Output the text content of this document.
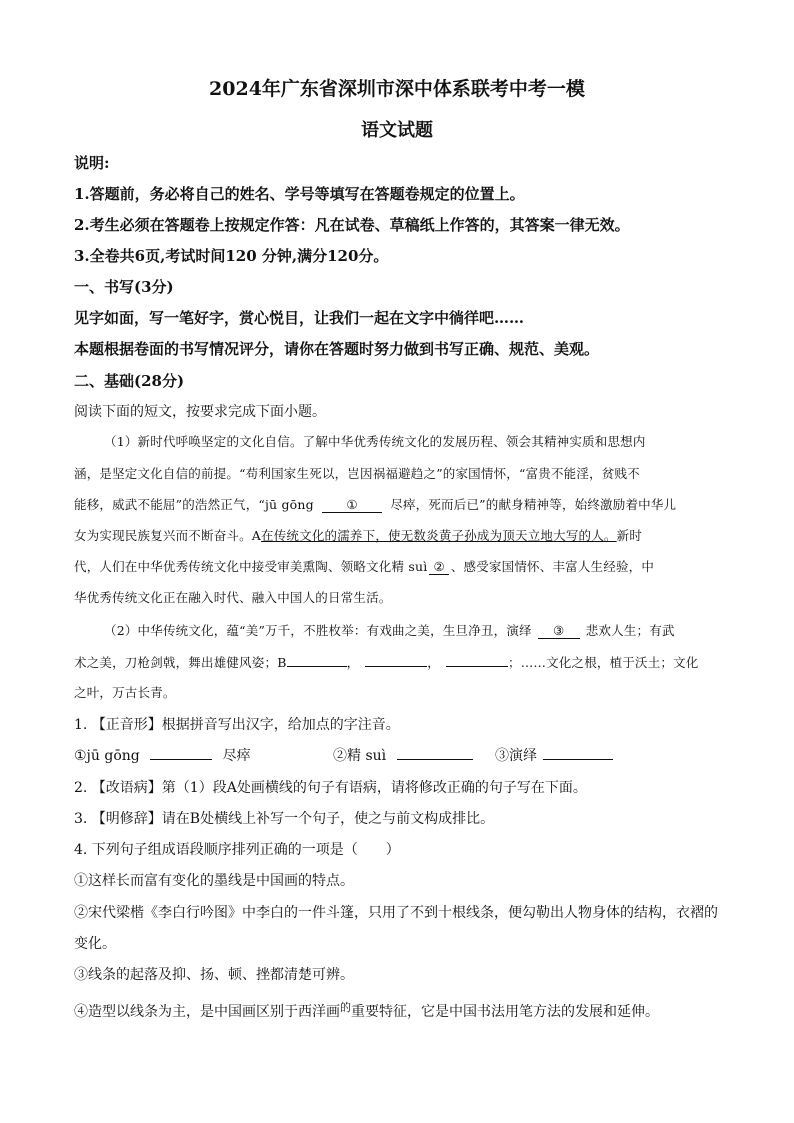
2024年广东省深圳市深中体系联考中考一模
语文试题
说明:
1.答题前，务必将自己的姓名、学号等填写在答题卷规定的位置上。
2.考生必须在答题卷上按规定作答：凡在试卷、草稿纸上作答的，其答案一律无效。
3.全卷共6页,考试时间120 分钟,满分120分。
一、书写(3分)
见字如面，写一笔好字，赏心悦目，让我们一起在文字中徜徉吧……
本题根据卷面的书写情况评分，请你在答题时努力做到书写正确、规范、美观。
二、基础(28分)
阅读下面的短文，按要求完成下面小题。
（1）新时代呼唤坚定的文化自信。了解中华优秀传统文化的发展历程、领会其精神实质和思想内
涵，是坚定文化自信的前提。“苟利国家生死以，岂因祸福避趋之”的家国情怀，“富贵不能淫，贫贱不
能移，威武不能屈”的浩然正气，“jū gōng	①	尽瘁，死而后已”的献身精神等，始终激励着中华儿
女为实现民族复兴而不断奋斗。A在传统文化的濡养下，使无数炎黄子孙成为顶天立地大写的人。新时
代，人们在中华优秀传统文化中接受审美熏陶、领略文化精 suì ② 、感受家国情怀、丰富人生经验，中
华优秀传统文化正在融入时代、融入中国人的日常生活。
（2）中华传统文化，蕴“美”万千，不胜枚举：有戏曲之美，生旦净丑，演绎 ③ 悲欢人生；有武
术之美，刀枪剑戟，舞出雄健风姿；B	，	，	；……文化之根，植于沃土；文化
之叶，万古长青。
1. 【正音形】根据拼音写出汉字，给加点的字注音。
①jū gōng	尽瘁	②精 suì	③演绎
2. 【改语病】第（1）段A处画横线的句子有语病，请将修改正确的句子写在下面。
3. 【明修辞】请在B处横线上补写一个句子，使之与前文构成排比。
4. 下列句子组成语段顺序排列正确的一项是（　　）
①这样长而富有变化的墨线是中国画的特点。
②宋代梁楷《李白行吟图》中李白的一件斗篷，只用了不到十根线条，便勾勒出人物身体的结构，衣褶的
变化。
③线条的起落及抑、扬、顿、挫都清楚可辨。
④造型以线条为主，是中国画区别于西洋画$^的$重要特征，它是中国书法用笔方法的发展和延伸。
